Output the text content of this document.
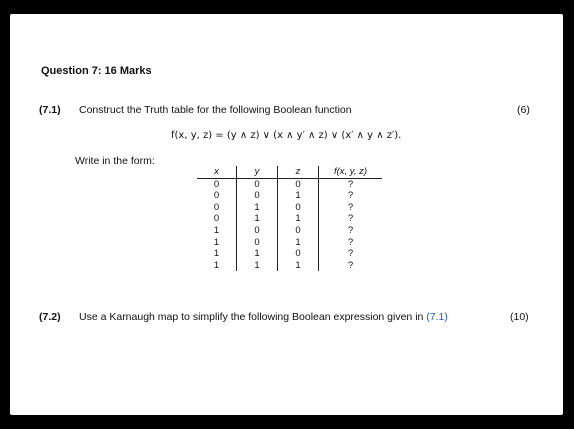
Question 7: 16 Marks
(7.1) Construct the Truth table for the following Boolean function	(6)
f(x, y, z) = (y ∧ z) ∨ (x ∧ y′ ∧ z) ∨ (x′ ∧ y ∧ z′).
Write in the form:
x	y	z	f(x, y, z)
0	0	0	?
0	0	1	?
0	1	0	?
0	1	1	?
1	0	0	?
1	0	1	?
1	1	0	?
1	1	1	?
(7.2) Use a Karnaugh map to simplify the following Boolean expression given in (7.1)	(10)
